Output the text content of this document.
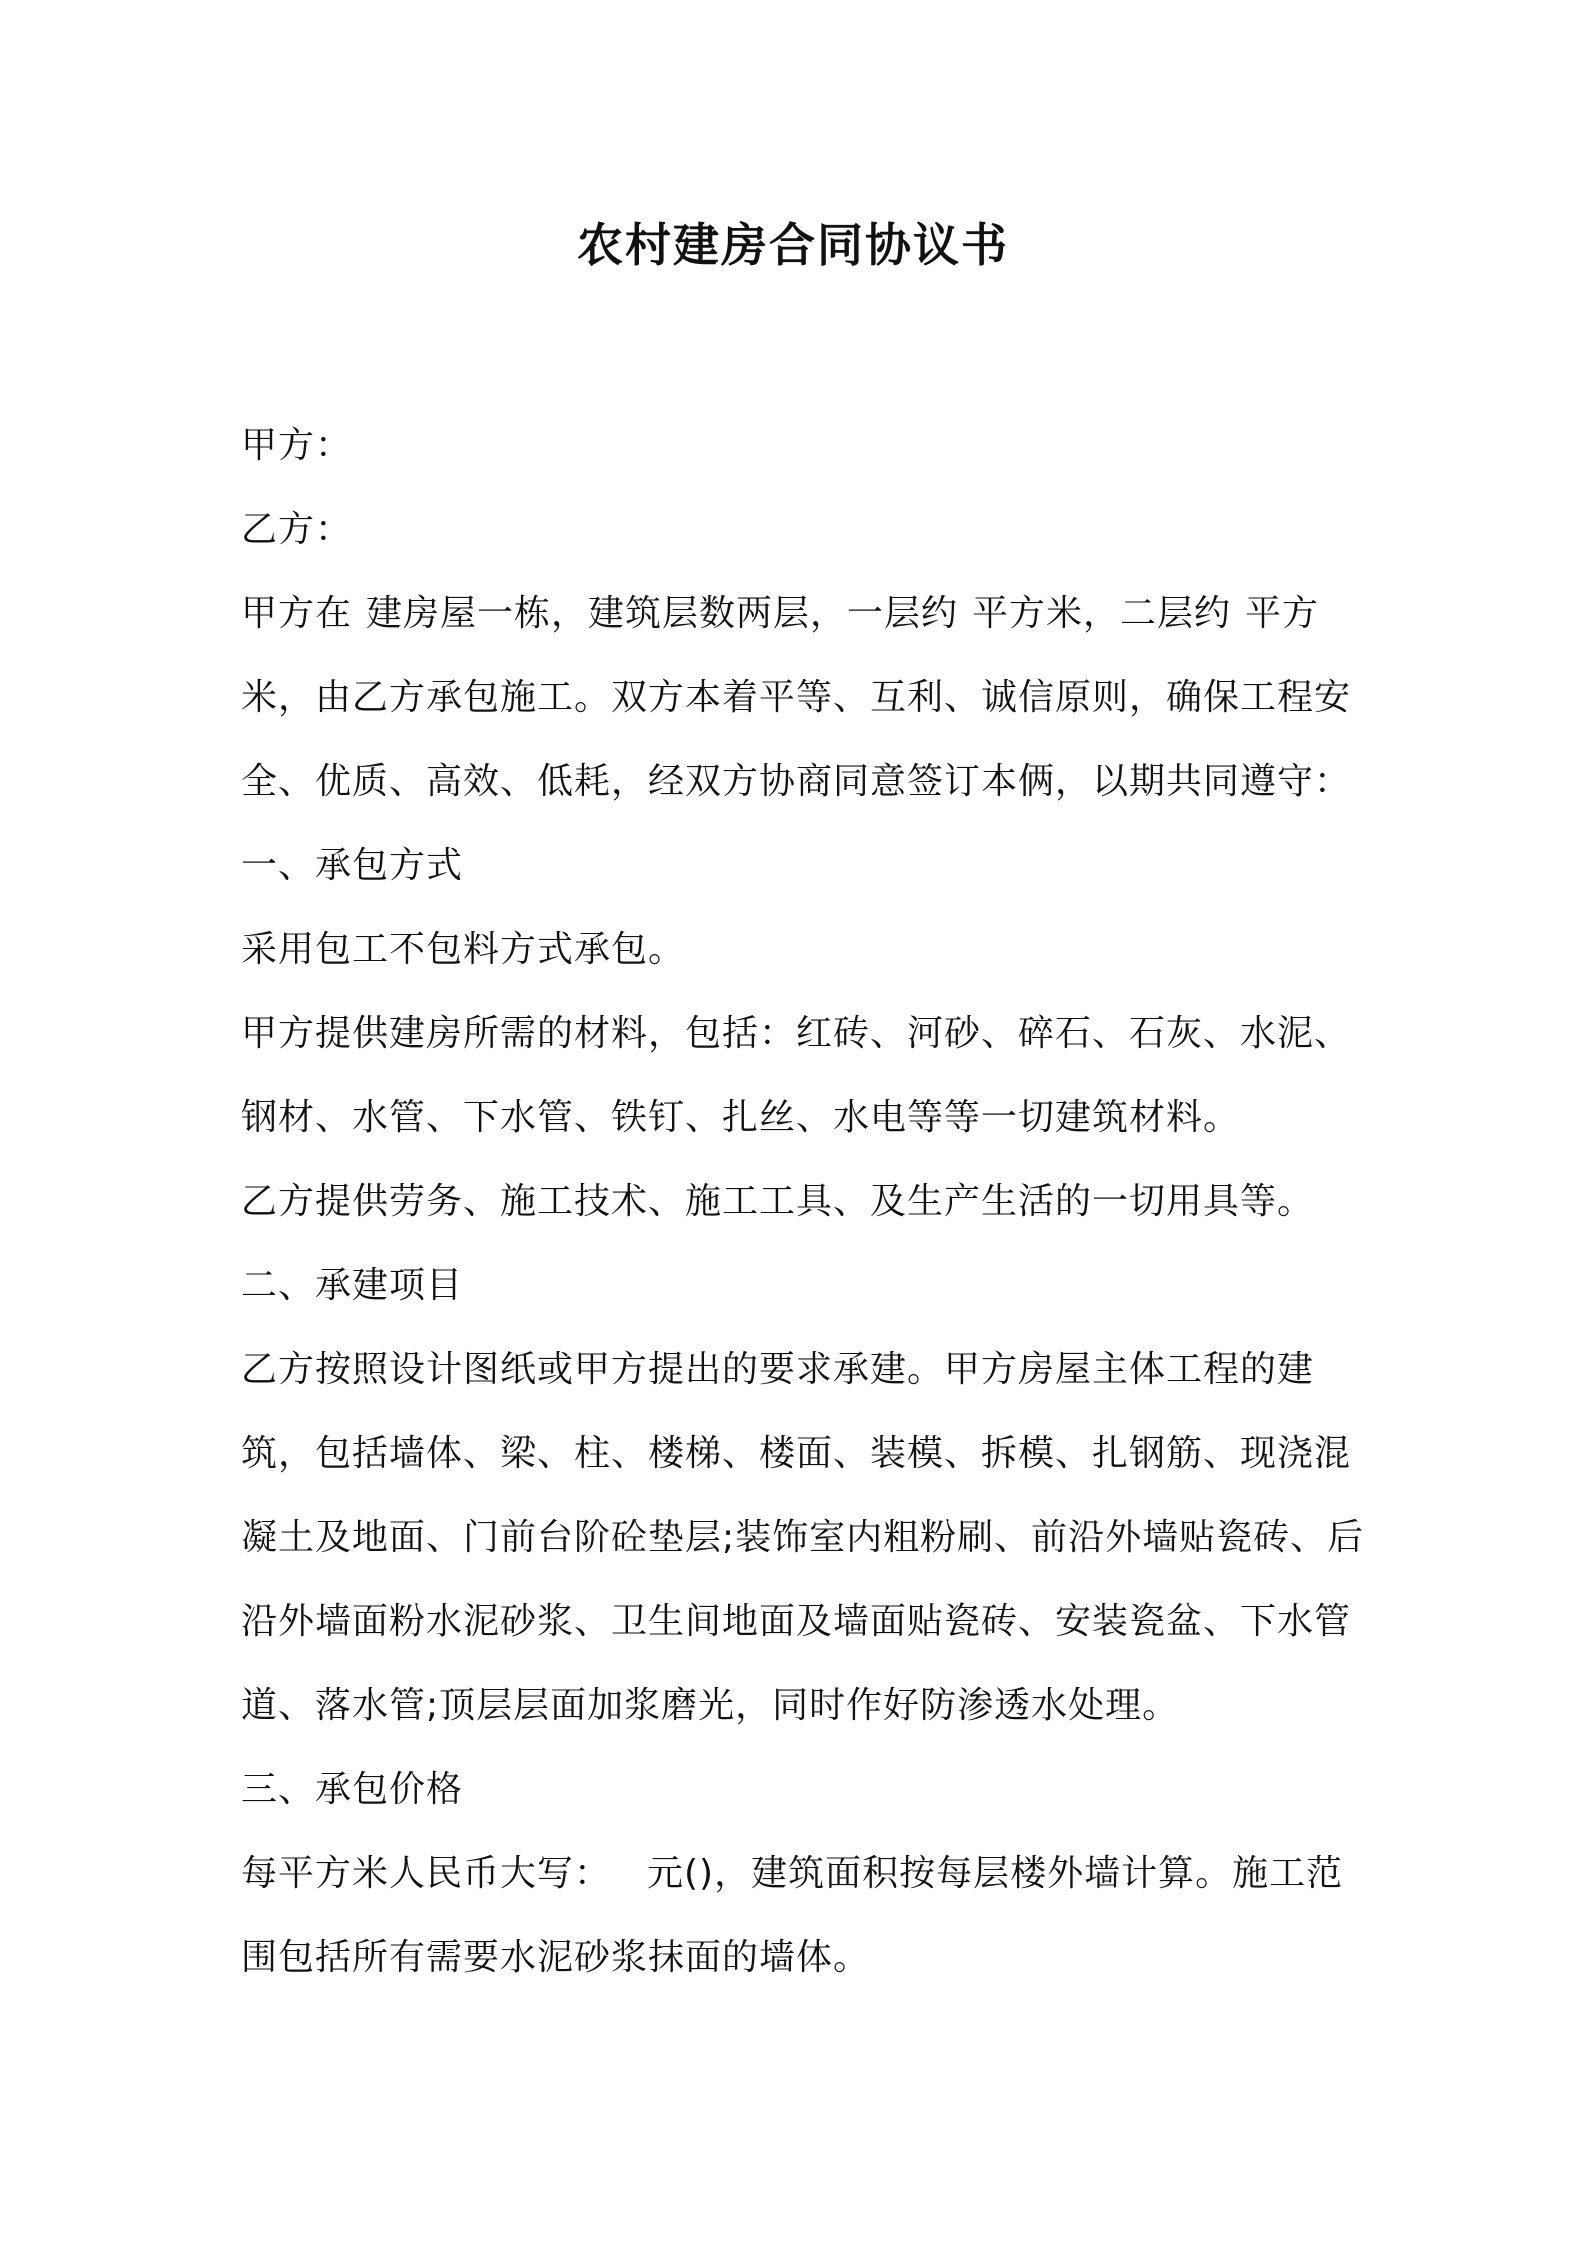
农村建房合同协议书

甲方：

乙方：

甲方在 建房屋一栋，建筑层数两层，一层约 平方米，二层约 平方米，由乙方承包施工。双方本着平等、互利、诚信原则，确保工程安全、优质、高效、低耗，经双方协商同意签订本俩，以期共同遵守：

一、承包方式

采用包工不包料方式承包。

甲方提供建房所需的材料，包括：红砖、河砂、碎石、石灰、水泥、钢材、水管、下水管、铁钉、扎丝、水电等等一切建筑材料。

乙方提供劳务、施工技术、施工工具、及生产生活的一切用具等。

二、承建项目

乙方按照设计图纸或甲方提出的要求承建。甲方房屋主体工程的建筑，包括墙体、梁、柱、楼梯、楼面、装模、拆模、扎钢筋、现浇混凝土及地面、门前台阶砼垫层;装饰室内粗粉刷、前沿外墙贴瓷砖、后沿外墙面粉水泥砂浆、卫生间地面及墙面贴瓷砖、安装瓷盆、下水管道、落水管;顶层层面加浆磨光，同时作好防渗透水处理。

三、承包价格

每平方米人民币大写： 元()，建筑面积按每层楼外墙计算。施工范围包括所有需要水泥砂浆抹面的墙体。
